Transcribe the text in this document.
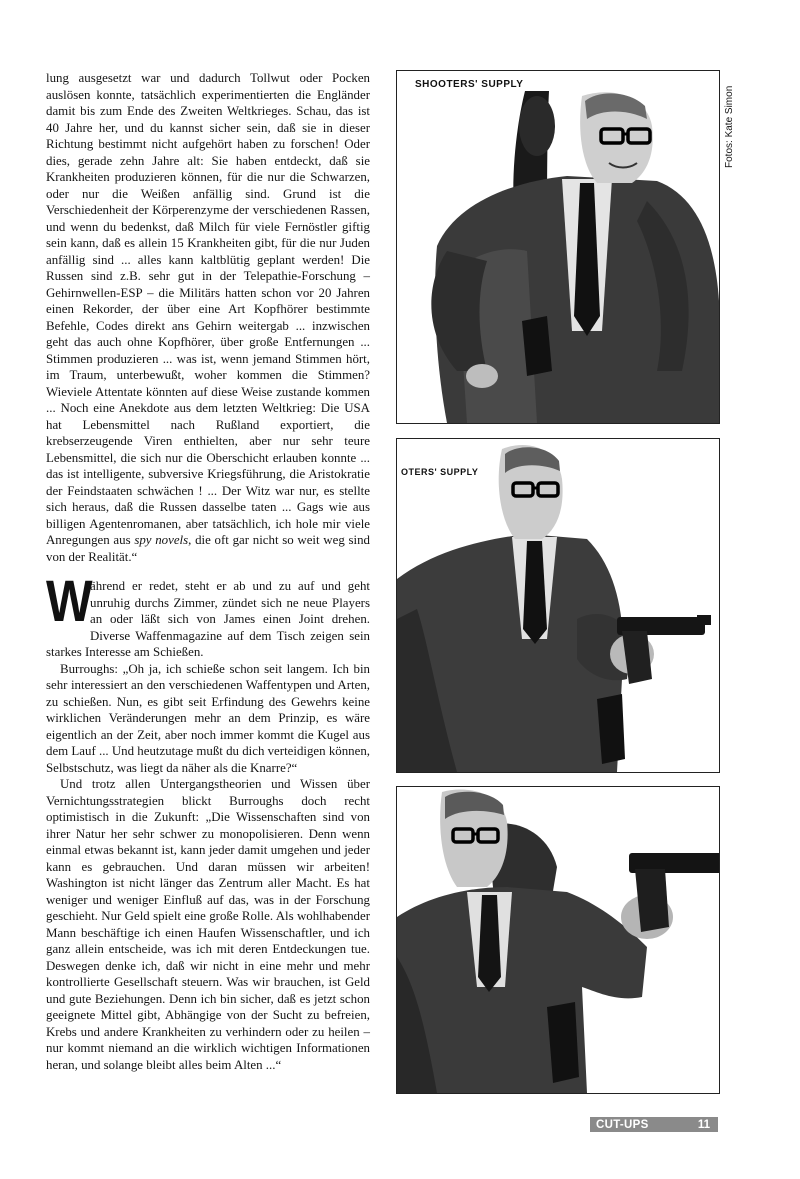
lung ausgesetzt war und dadurch Tollwut oder Pocken auslösen konnte, tatsächlich experimentierten die Engländer damit bis zum Ende des Zweiten Weltkrieges. Schau, das ist 40 Jahre her, und du kannst sicher sein, daß sie in dieser Richtung bestimmt nicht aufgehört haben zu forschen! Oder dies, gerade zehn Jahre alt: Sie haben entdeckt, daß sie Krankheiten produzieren können, für die nur die Schwarzen, oder nur die Weißen anfällig sind. Grund ist die Verschiedenheit der Körperenzyme der verschiedenen Rassen, und wenn du bedenkst, daß Milch für viele Fernöstler giftig sein kann, daß es allein 15 Krankheiten gibt, für die nur Juden anfällig sind ... alles kann kaltblütig geplant werden! Die Russen sind z.B. sehr gut in der Telepathie-Forschung – Gehirnwellen-ESP – die Militärs hatten schon vor 20 Jahren einen Rekorder, der über eine Art Kopfhörer bestimmte Befehle, Codes direkt ans Gehirn weitergab ... inzwischen geht das auch ohne Kopfhörer, über große Entfernungen ... Stimmen produzieren ... was ist, wenn jemand Stimmen hört, im Traum, unterbewußt, woher kommen die Stimmen? Wieviele Attentate könnten auf diese Weise zustande kommen ... Noch eine Anekdote aus dem letzten Weltkrieg: Die USA hat Lebensmittel nach Rußland exportiert, die krebserzeugende Viren enthielten, aber nur sehr teure Lebensmittel, die sich nur die Oberschicht erlauben konnte ... das ist intelligente, subversive Kriegsführung, die Aristokratie der Feindstaaten schwächen ! ... Der Witz war nur, es stellte sich heraus, daß die Russen dasselbe taten ... Gags wie aus billigen Agentenromanen, aber tatsächlich, ich hole mir viele Anregungen aus spy novels, die oft gar nicht so weit weg sind von der Realität.“

W
ährend er redet, steht er ab und zu auf und geht unruhig durchs Zimmer, zündet sich ne neue Players an oder läßt sich von James einen Joint drehen. Diverse Waffenmagazine auf dem Tisch zeigen sein starkes Interesse am Schießen.

Burroughs: „Oh ja, ich schieße schon seit langem. Ich bin sehr interessiert an den verschiedenen Waffentypen und Arten, zu schießen. Nun, es gibt seit Erfindung des Gewehrs keine wirklichen Veränderungen mehr an dem Prinzip, es wäre eigentlich an der Zeit, aber noch immer kommt die Kugel aus dem Lauf ... Und heutzutage mußt du dich verteidigen können, Selbstschutz, was liegt da näher als die Knarre?“

Und trotz allen Untergangstheorien und Wissen über Vernichtungsstrategien blickt Burroughs doch recht optimistisch in die Zukunft: „Die Wissenschaften sind von ihrer Natur her sehr schwer zu monopolisieren. Denn wenn einmal etwas bekannt ist, kann jeder damit umgehen und jeder kann es gebrauchen. Und daran müssen wir arbeiten! Washington ist nicht länger das Zentrum aller Macht. Es hat weniger und weniger Einfluß auf das, was in der Forschung geschieht. Nur Geld spielt eine große Rolle. Als wohlhabender Mann beschäftige ich einen Haufen Wissenschaftler, und ich ganz allein entscheide, was ich mit deren Entdeckungen tue. Deswegen denke ich, daß wir nicht in eine mehr und mehr kontrollierte Gesellschaft steuern. Was wir brauchen, ist Geld und gute Beziehungen. Denn ich bin sicher, daß es jetzt schon geeignete Mittel gibt, Abhängige von der Sucht zu befreien, Krebs und andere Krankheiten zu verhindern oder zu heilen – nur kommt niemand an die wirklich wichtigen Informationen heran, und solange bleibt alles beim Alten ...“

SHOOTERS' SUPPLY
Fotos: Kate Simon
OTERS' SUPPLY
CUT-UPS	11
